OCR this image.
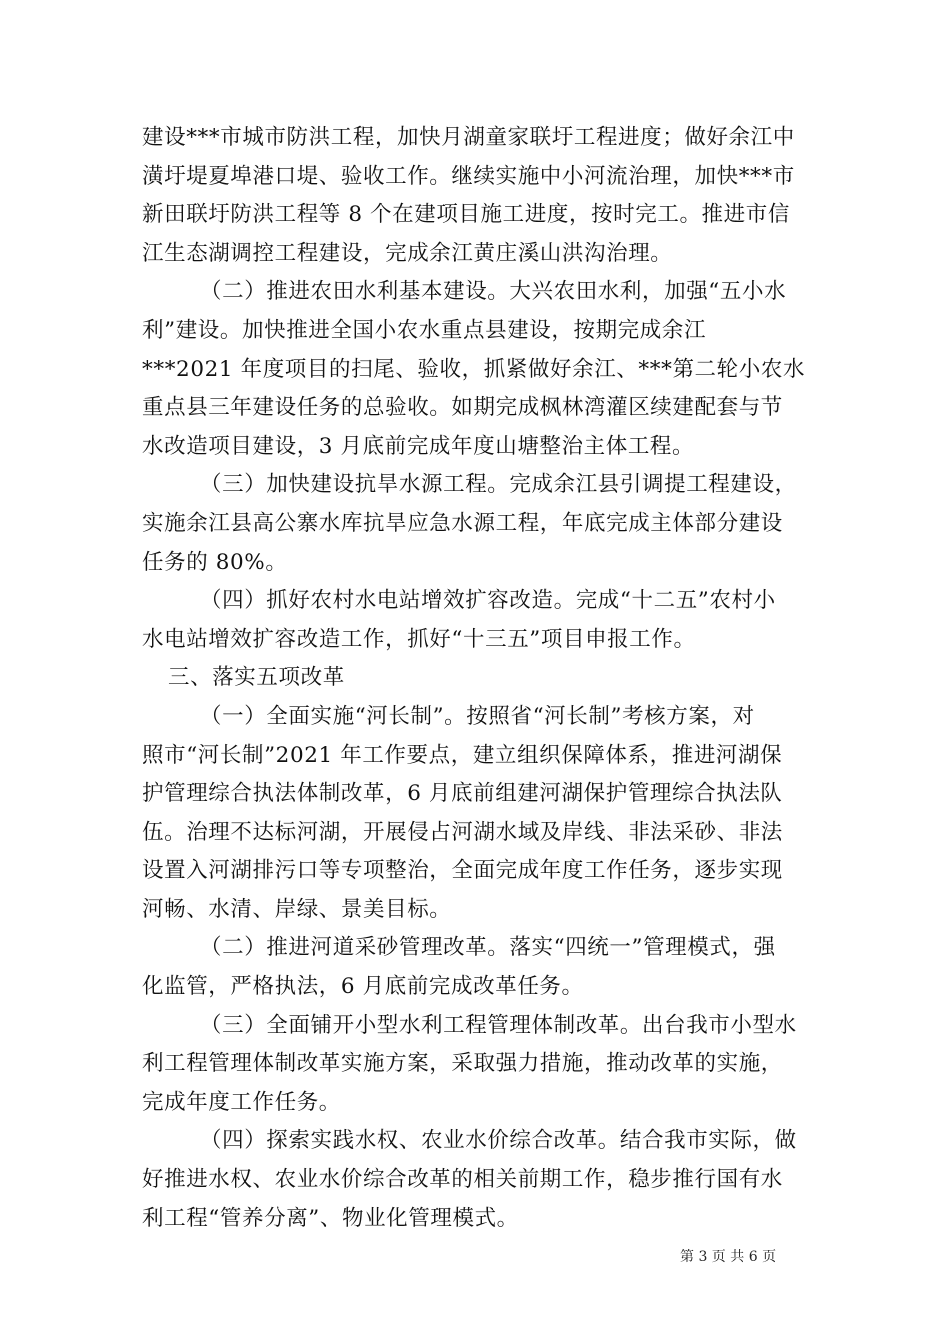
建设***市城市防洪工程，加快月湖童家联圩工程进度；做好余江中
潢圩堤夏埠港口堤、验收工作。继续实施中小河流治理，加快***市
新田联圩防洪工程等 8 个在建项目施工进度，按时完工。推进市信
江生态湖调控工程建设，完成余江黄庄溪山洪沟治理。
（二）推进农田水利基本建设。大兴农田水利，加强“五小水
利”建设。加快推进全国小农水重点县建设，按期完成余江
***2021 年度项目的扫尾、验收，抓紧做好余江、***第二轮小农水
重点县三年建设任务的总验收。如期完成枫林湾灌区续建配套与节
水改造项目建设，3 月底前完成年度山塘整治主体工程。
（三）加快建设抗旱水源工程。完成余江县引调提工程建设，
实施余江县高公寨水库抗旱应急水源工程，年底完成主体部分建设
任务的 80%。
（四）抓好农村水电站增效扩容改造。完成“十二五”农村小
水电站增效扩容改造工作，抓好“十三五”项目申报工作。
三、落实五项改革
（一）全面实施“河长制”。按照省“河长制”考核方案，对
照市“河长制”2021 年工作要点，建立组织保障体系，推进河湖保
护管理综合执法体制改革，6 月底前组建河湖保护管理综合执法队
伍。治理不达标河湖，开展侵占河湖水域及岸线、非法采砂、非法
设置入河湖排污口等专项整治，全面完成年度工作任务，逐步实现
河畅、水清、岸绿、景美目标。
（二）推进河道采砂管理改革。落实“四统一”管理模式，强
化监管，严格执法，6 月底前完成改革任务。
（三）全面铺开小型水利工程管理体制改革。出台我市小型水
利工程管理体制改革实施方案，采取强力措施，推动改革的实施，
完成年度工作任务。
（四）探索实践水权、农业水价综合改革。结合我市实际，做
好推进水权、农业水价综合改革的相关前期工作，稳步推行国有水
利工程“管养分离”、物业化管理模式。
第 3 页 共 6 页
